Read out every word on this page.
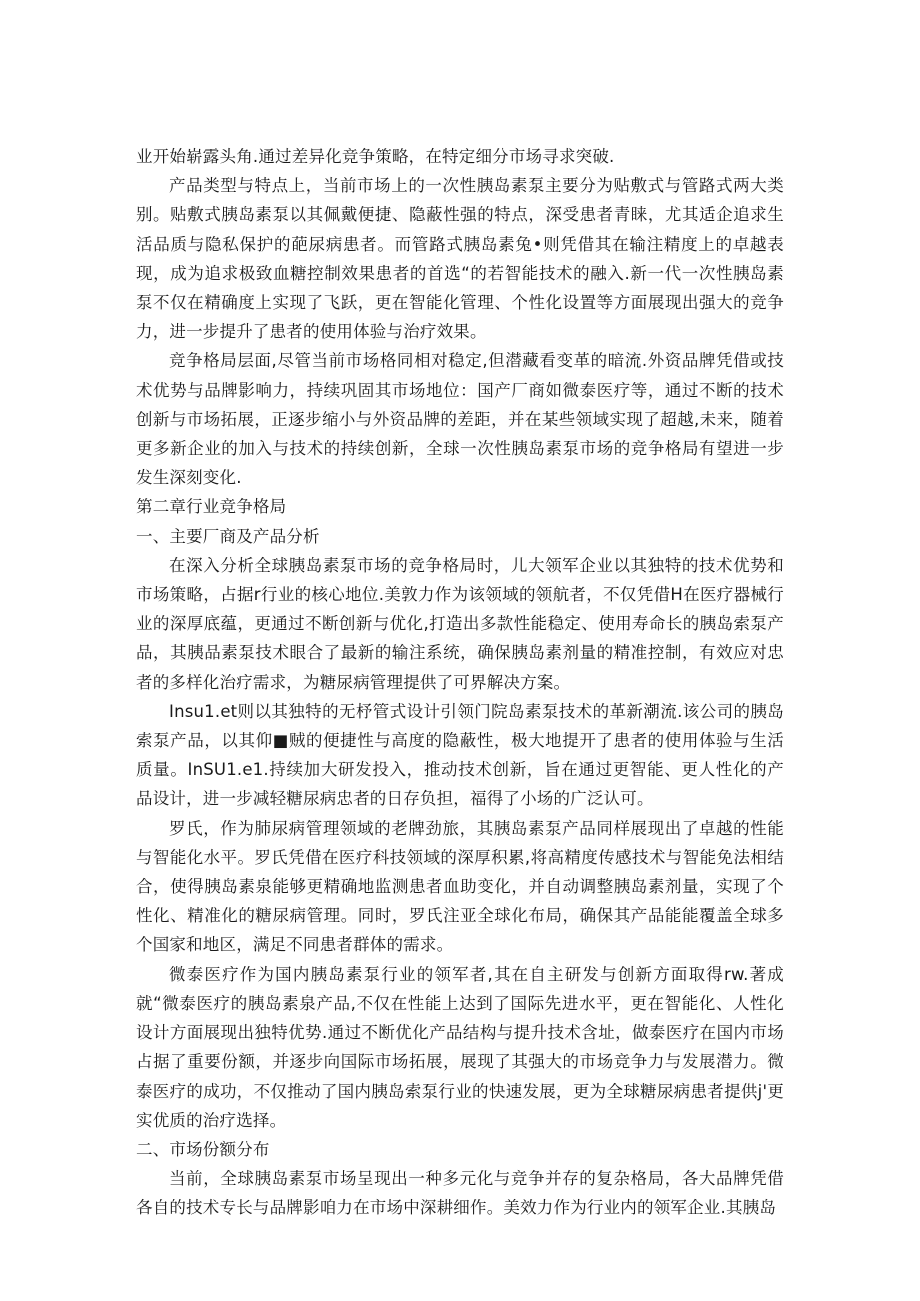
业开始崭露头角.通过差异化竞争策略，在特定细分市场寻求突破.

产品类型与特点上，当前市场上的一次性胰岛素泵主要分为贴敷式与管路式两大类别。贴敷式胰岛素泵以其佩戴便捷、隐蔽性强的特点，深受患者青睐，尤其适企追求生活品质与隐私保护的葩尿病患者。而管路式胰岛素兔•则凭借其在输注精度上的卓越表现，成为追求极致血糖控制效果患者的首选“的若智能技术的融入.新一代一次性胰岛素泵不仅在精确度上实现了飞跃，更在智能化管理、个性化设置等方面展现出强大的竞争力，进一步提升了患者的使用体验与治疗效果。

竞争格局层面,尽管当前市场格同相对稳定,但潜藏看变革的暗流.外资品牌凭借或技术优势与品牌影响力，持续巩固其市场地位：国产厂商如微泰医疗等，通过不断的技术创新与市场拓展，正逐步缩小与外资品牌的差距，并在某些领域实现了超越,未来，随着更多新企业的加入与技术的持续创新，全球一次性胰岛素泵市场的竞争格局有望进一步发生深刻变化.

第二章行业竞争格局

一、主要厂商及产品分析

在深入分析全球胰岛素泵市场的竞争格局时，儿大领军企业以其独特的技术优势和市场策略，占据r行业的核心地位.美敦力作为该领域的领航者，不仅凭借H在医疗器械行业的深厚底蕴，更通过不断创新与优化,打造出多款性能稳定、使用寿命长的胰岛索泵产品，其胰品素泵技术眼合了最新的输注系统，确保胰岛素剂量的精准控制，有效应对忠者的多样化治疗需求，为糖尿病管理提供了可界解决方案。

Insu1.et则以其独特的无杼管式设计引领门院岛素泵技术的革新潮流.该公司的胰岛索泵产品，以其仰■贼的便捷性与高度的隐蔽性，极大地提开了患者的使用体验与生活质量。InSU1.e1.持续加大研发投入，推动技术创新，旨在通过更智能、更人性化的产品设计，进一步减轻糖尿病忠者的日存负担，福得了小场的广泛认可。

罗氏，作为肺尿病管理领域的老牌劲旅，其胰岛素泵产品同样展现出了卓越的性能与智能化水平。罗氏凭借在医疗科技领域的深厚积累,将高精度传感技术与智能免法相结合，使得胰岛素泉能够更精确地监测患者血助变化，并自动调整胰岛素剂量，实现了个性化、精准化的糖尿病管理。同时，罗氏注亚全球化布局，确保其产品能能覆盖全球多个国家和地区，满足不同患者群体的需求。

微泰医疗作为国内胰岛素泵行业的领军者,其在自主研发与创新方面取得rw.著成就“微泰医疗的胰岛素泉产品,不仅在性能上达到了国际先进水平，更在智能化、人性化设计方面展现出独特优势.通过不断优化产品结构与提升技术含址，做泰医疗在国内市场占据了重要份额，并逐步向国际市场拓展，展现了其强大的市场竞争力与发展潜力。微泰医疗的成功，不仅推动了国内胰岛索泵行业的快速发展，更为全球糖尿病患者提供j'更实优质的治疗选择。

二、市场份额分布

当前，全球胰岛素泵市场呈现出一种多元化与竞争并存的复杂格局，各大品牌凭借各自的技术专长与品牌影咱力在市场中深耕细作。美效力作为行业内的领军企业.其胰岛
